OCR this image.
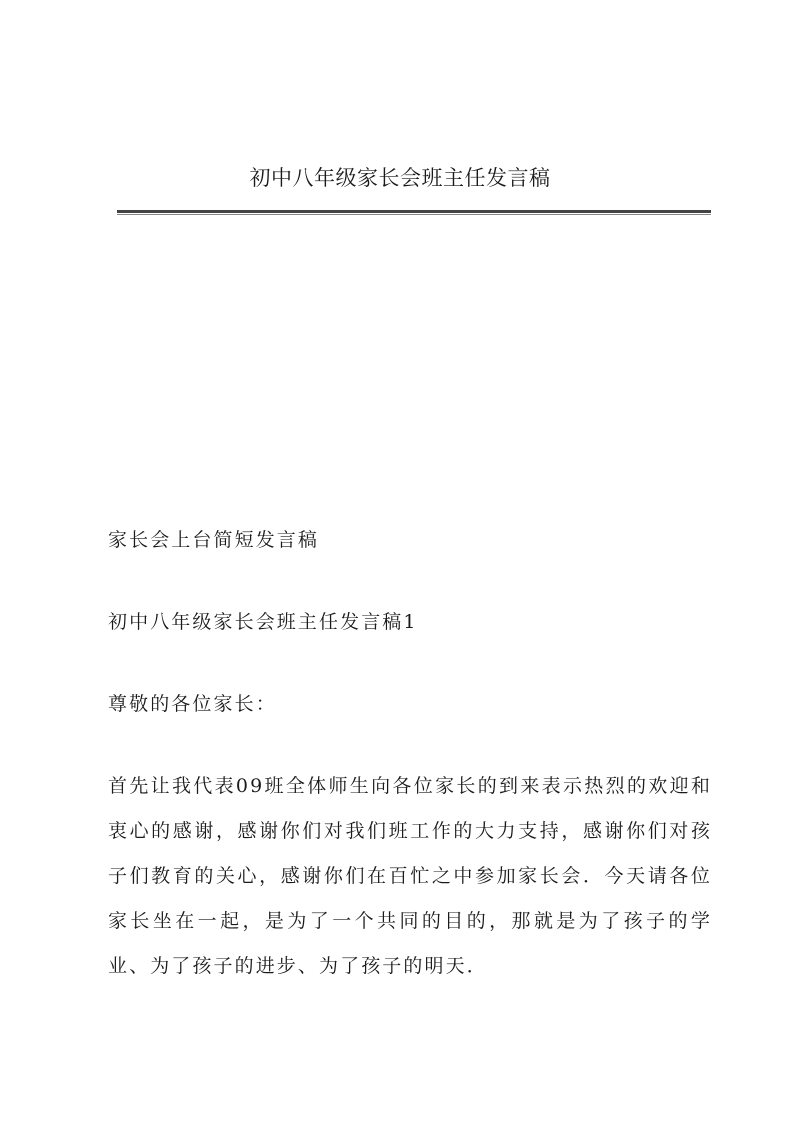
初中八年级家长会班主任发言稿

家长会上台简短发言稿

初中八年级家长会班主任发言稿1

尊敬的各位家长：

首先让我代表09班全体师生向各位家长的到来表示热烈的欢迎和衷心的感谢，感谢你们对我们班工作的大力支持，感谢你们对孩子们教育的关心，感谢你们在百忙之中参加家长会．今天请各位家长坐在一起，是为了一个共同的目的，那就是为了孩子的学业、为了孩子的进步、为了孩子的明天．
